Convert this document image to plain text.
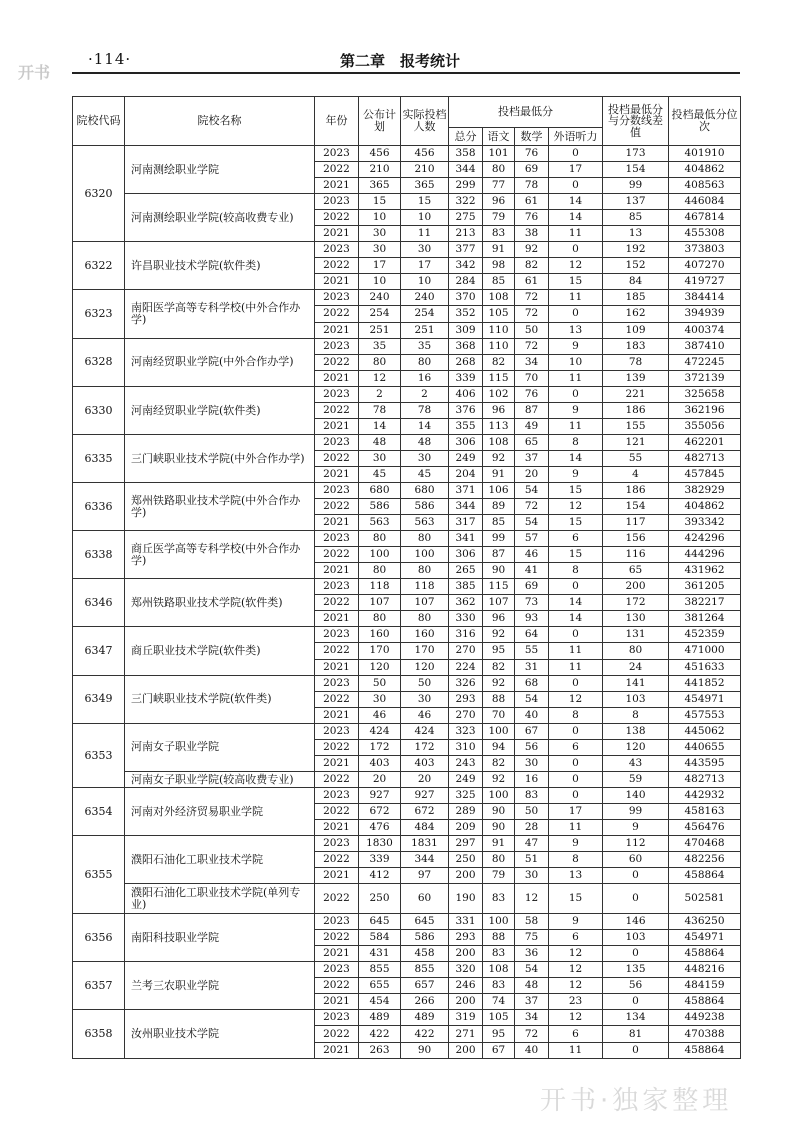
·114·	第二章　报考统计
开书
院校代码	院校名称	年份	公布计划	实际投档人数	投档最低分				投档最低分与分数线差值	投档最低分位次
					总分	语文	数学	外语听力		
6320	河南测绘职业学院	2023	456	456	358	101	76	0	173	401910
		2022	210	210	344	80	69	17	154	404862
		2021	365	365	299	77	78	0	99	408563
	河南测绘职业学院(较高收费专业)	2023	15	15	322	96	61	14	137	446084
		2022	10	10	275	79	76	14	85	467814
		2021	30	11	213	83	38	11	13	455308
6322	许昌职业技术学院(软件类)	2023	30	30	377	91	92	0	192	373803
		2022	17	17	342	98	82	12	152	407270
		2021	10	10	284	85	61	15	84	419727
6323	南阳医学高等专科学校(中外合作办学)	2023	240	240	370	108	72	11	185	384414
		2022	254	254	352	105	72	0	162	394939
		2021	251	251	309	110	50	13	109	400374
6328	河南经贸职业学院(中外合作办学)	2023	35	35	368	110	72	9	183	387410
		2022	80	80	268	82	34	10	78	472245
		2021	12	16	339	115	70	11	139	372139
6330	河南经贸职业学院(软件类)	2023	2	2	406	102	76	0	221	325658
		2022	78	78	376	96	87	9	186	362196
		2021	14	14	355	113	49	11	155	355056
6335	三门峡职业技术学院(中外合作办学)	2023	48	48	306	108	65	8	121	462201
		2022	30	30	249	92	37	14	55	482713
		2021	45	45	204	91	20	9	4	457845
6336	郑州铁路职业技术学院(中外合作办学)	2023	680	680	371	106	54	15	186	382929
		2022	586	586	344	89	72	12	154	404862
		2021	563	563	317	85	54	15	117	393342
6338	商丘医学高等专科学校(中外合作办学)	2023	80	80	341	99	57	6	156	424296
		2022	100	100	306	87	46	15	116	444296
		2021	80	80	265	90	41	8	65	431962
6346	郑州铁路职业技术学院(软件类)	2023	118	118	385	115	69	0	200	361205
		2022	107	107	362	107	73	14	172	382217
		2021	80	80	330	96	93	14	130	381264
6347	商丘职业技术学院(软件类)	2023	160	160	316	92	64	0	131	452359
		2022	170	170	270	95	55	11	80	471000
		2021	120	120	224	82	31	11	24	451633
6349	三门峡职业技术学院(软件类)	2023	50	50	326	92	68	0	141	441852
		2022	30	30	293	88	54	12	103	454971
		2021	46	46	270	70	40	8	8	457553
6353	河南女子职业学院	2023	424	424	323	100	67	0	138	445062
		2022	172	172	310	94	56	6	120	440655
		2021	403	403	243	82	30	0	43	443595
	河南女子职业学院(较高收费专业)	2022	20	20	249	92	16	0	59	482713
6354	河南对外经济贸易职业学院	2023	927	927	325	100	83	0	140	442932
		2022	672	672	289	90	50	17	99	458163
		2021	476	484	209	90	28	11	9	456476
6355	濮阳石油化工职业技术学院	2023	1830	1831	297	91	47	9	112	470468
		2022	339	344	250	80	51	8	60	482256
		2021	412	97	200	79	30	13	0	458864
	濮阳石油化工职业技术学院(单列专业)	2022	250	60	190	83	12	15	0	502581
6356	南阳科技职业学院	2023	645	645	331	100	58	9	146	436250
		2022	584	586	293	88	75	6	103	454971
		2021	431	458	200	83	36	12	0	458864
6357	兰考三农职业学院	2023	855	855	320	108	54	12	135	448216
		2022	655	657	246	83	48	12	56	484159
		2021	454	266	200	74	37	23	0	458864
6358	汝州职业技术学院	2023	489	489	319	105	34	12	134	449238
		2022	422	422	271	95	72	6	81	470388
		2021	263	90	200	67	40	11	0	458864
开书·独家整理
